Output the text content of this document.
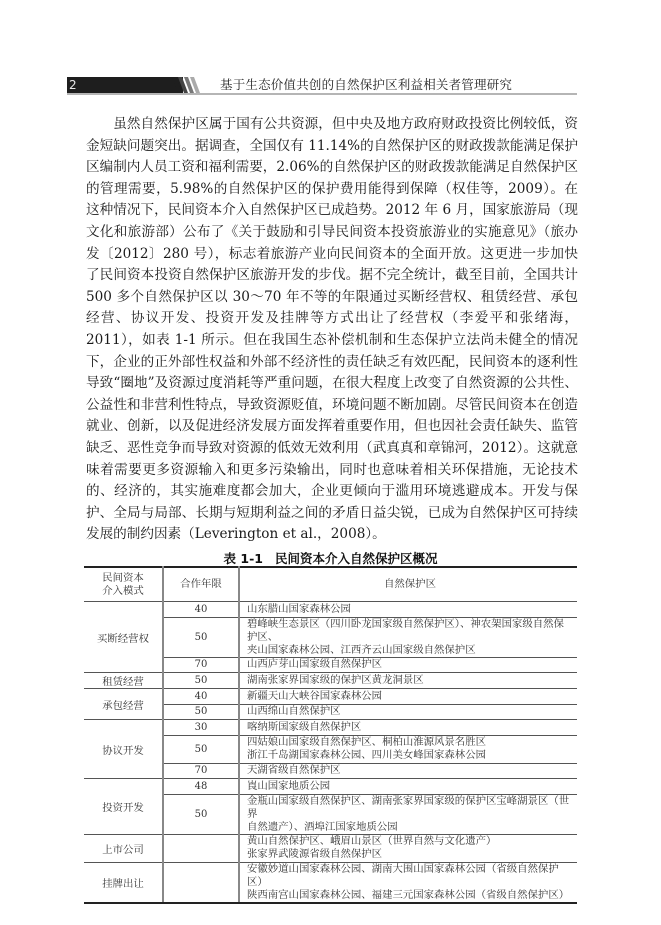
2	基于生态价值共创的自然保护区利益相关者管理研究

虽然自然保护区属于国有公共资源，但中央及地方政府财政投资比例较低，资金短缺问题突出。据调查，全国仅有 11.14%的自然保护区的财政拨款能满足保护区编制内人员工资和福利需要，2.06%的自然保护区的财政拨款能满足自然保护区的管理需要，5.98%的自然保护区的保护费用能得到保障（权佳等，2009）。在这种情况下，民间资本介入自然保护区已成趋势。2012 年 6 月，国家旅游局（现文化和旅游部）公布了《关于鼓励和引导民间资本投资旅游业的实施意见》（旅办发〔2012〕280 号），标志着旅游产业向民间资本的全面开放。这更进一步加快了民间资本投资自然保护区旅游开发的步伐。据不完全统计，截至目前，全国共计 500 多个自然保护区以 30～70 年不等的年限通过买断经营权、租赁经营、承包经营、协议开发、投资开发及挂牌等方式出让了经营权（李爱平和张绪海，2011），如表 1-1 所示。但在我国生态补偿机制和生态保护立法尚未健全的情况下，企业的正外部性权益和外部不经济性的责任缺乏有效匹配，民间资本的逐利性导致“圈地”及资源过度消耗等严重问题，在很大程度上改变了自然资源的公共性、公益性和非营利性特点，导致资源贬值，环境问题不断加剧。尽管民间资本在创造就业、创新，以及促进经济发展方面发挥着重要作用，但也因社会责任缺失、监管缺乏、恶性竞争而导致对资源的低效无效利用（武真真和章锦河，2012）。这就意味着需要更多资源输入和更多污染输出，同时也意味着相关环保措施，无论技术的、经济的，其实施难度都会加大，企业更倾向于滥用环境逃避成本。开发与保护、全局与局部、长期与短期利益之间的矛盾日益尖锐，已成为自然保护区可持续发展的制约因素（Leverington et al.，2008）。

表 1-1 民间资本介入自然保护区概况
民间资本
介入模式	合作年限	自然保护区
买断经营权	40	山东腊山国家森林公园
	50	碧峰峡生态景区（四川卧龙国家级自然保护区）、神农架国家级自然保护区、
夹山国家森林公园、江西齐云山国家级自然保护区
	70	山西庐芽山国家级自然保护区
租赁经营	50	湖南张家界国家级的保护区黄龙洞景区
承包经营	40	新疆天山大峡谷国家森林公园
	50	山西绵山自然保护区
协议开发	30	喀纳斯国家级自然保护区
	50	四姑娘山国家级自然保护区、桐柏山淮源风景名胜区
浙江千岛湖国家森林公园、四川美女峰国家森林公园
	70	天湖省级自然保护区
投资开发	48	崀山国家地质公园
	50	金瓶山国家级自然保护区、湖南张家界国家级的保护区宝峰湖景区（世界
自然遗产）、酒埠江国家地质公园
上市公司		黄山自然保护区、峨眉山景区（世界自然与文化遗产）
张家界武陵源省级自然保护区
挂牌出让		安徽妙道山国家森林公园、湖南大围山国家森林公园（省级自然保护区）
陕西南宫山国家森林公园、福建三元国家森林公园（省级自然保护区）
